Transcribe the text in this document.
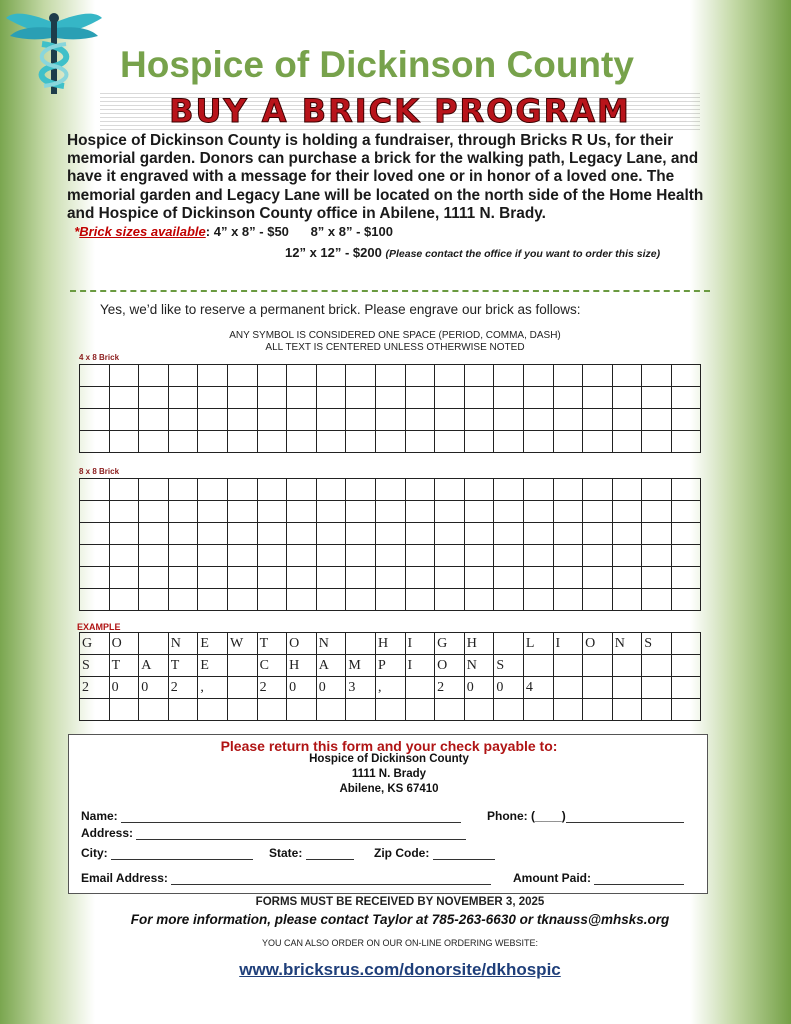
Hospice of Dickinson County
BUY A BRICK PROGRAM
Hospice of Dickinson County is holding a fundraiser, through Bricks R Us, for their memorial garden. Donors can purchase a brick for the walking path, Legacy Lane, and have it engraved with a message for their loved one or in honor of a loved one. The memorial garden and Legacy Lane will be located on the north side of the Home Health and Hospice of Dickinson County office in Abilene, 1111 N. Brady.   *Brick sizes available: 4” x 8” - $50 8” x 8” - $100
12” x 12” - $200 (Please contact the office if you want to order this size)
Yes, we’d like to reserve a permanent brick. Please engrave our brick as follows:
ANY SYMBOL IS CONSIDERED ONE SPACE (PERIOD, COMMA, DASH)
ALL TEXT IS CENTERED UNLESS OTHERWISE NOTED
4 x 8 Brick

8 x 8 Brick

EXAMPLE
G	O		N	E	W	T	O	N		H	I	G	H		L	I	O	N	S	
S	T	A	T	E		C	H	A	M	P	I	O	N	S						
2	0	0	2	,		2	0	0	3	,		2	0	0	4					

Please return this form and your check payable to:
Hospice of Dickinson County
1111 N. Brady
Abilene, KS 67410
Name:	Phone: (____)
Address:
City:	State:	Zip Code:
Email Address:	Amount Paid:
FORMS MUST BE RECEIVED BY NOVEMBER 3, 2025
For more information, please contact Taylor at 785-263-6630 or tknauss@mhsks.org
YOU CAN ALSO ORDER ON OUR ON-LINE ORDERING WEBSITE:
www.bricksrus.com/donorsite/dkhospic
